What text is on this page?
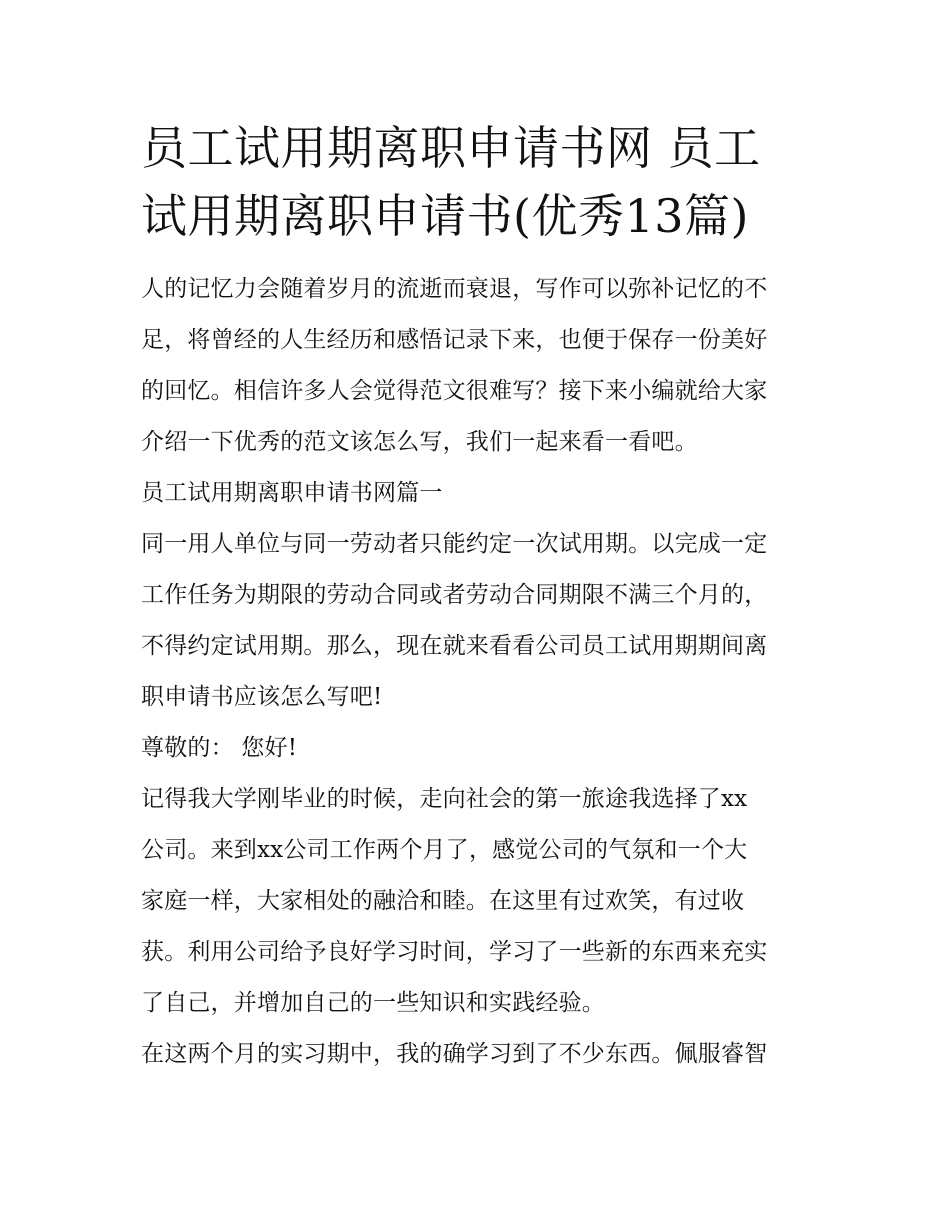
员工试用期离职申请书网 员工
试用期离职申请书(优秀13篇)

人的记忆力会随着岁月的流逝而衰退，写作可以弥补记忆的不
足，将曾经的人生经历和感悟记录下来，也便于保存一份美好
的回忆。相信许多人会觉得范文很难写？接下来小编就给大家
介绍一下优秀的范文该怎么写，我们一起来看一看吧。

员工试用期离职申请书网篇一

同一用人单位与同一劳动者只能约定一次试用期。以完成一定
工作任务为期限的劳动合同或者劳动合同期限不满三个月的，
不得约定试用期。那么，现在就来看看公司员工试用期期间离
职申请书应该怎么写吧!

尊敬的： 您好!

记得我大学刚毕业的时候，走向社会的第一旅途我选择了xx
公司。来到xx公司工作两个月了，感觉公司的气氛和一个大
家庭一样，大家相处的融洽和睦。在这里有过欢笑，有过收
获。利用公司给予良好学习时间，学习了一些新的东西来充实
了自己，并增加自己的一些知识和实践经验。

在这两个月的实习期中，我的确学习到了不少东西。佩服睿智
